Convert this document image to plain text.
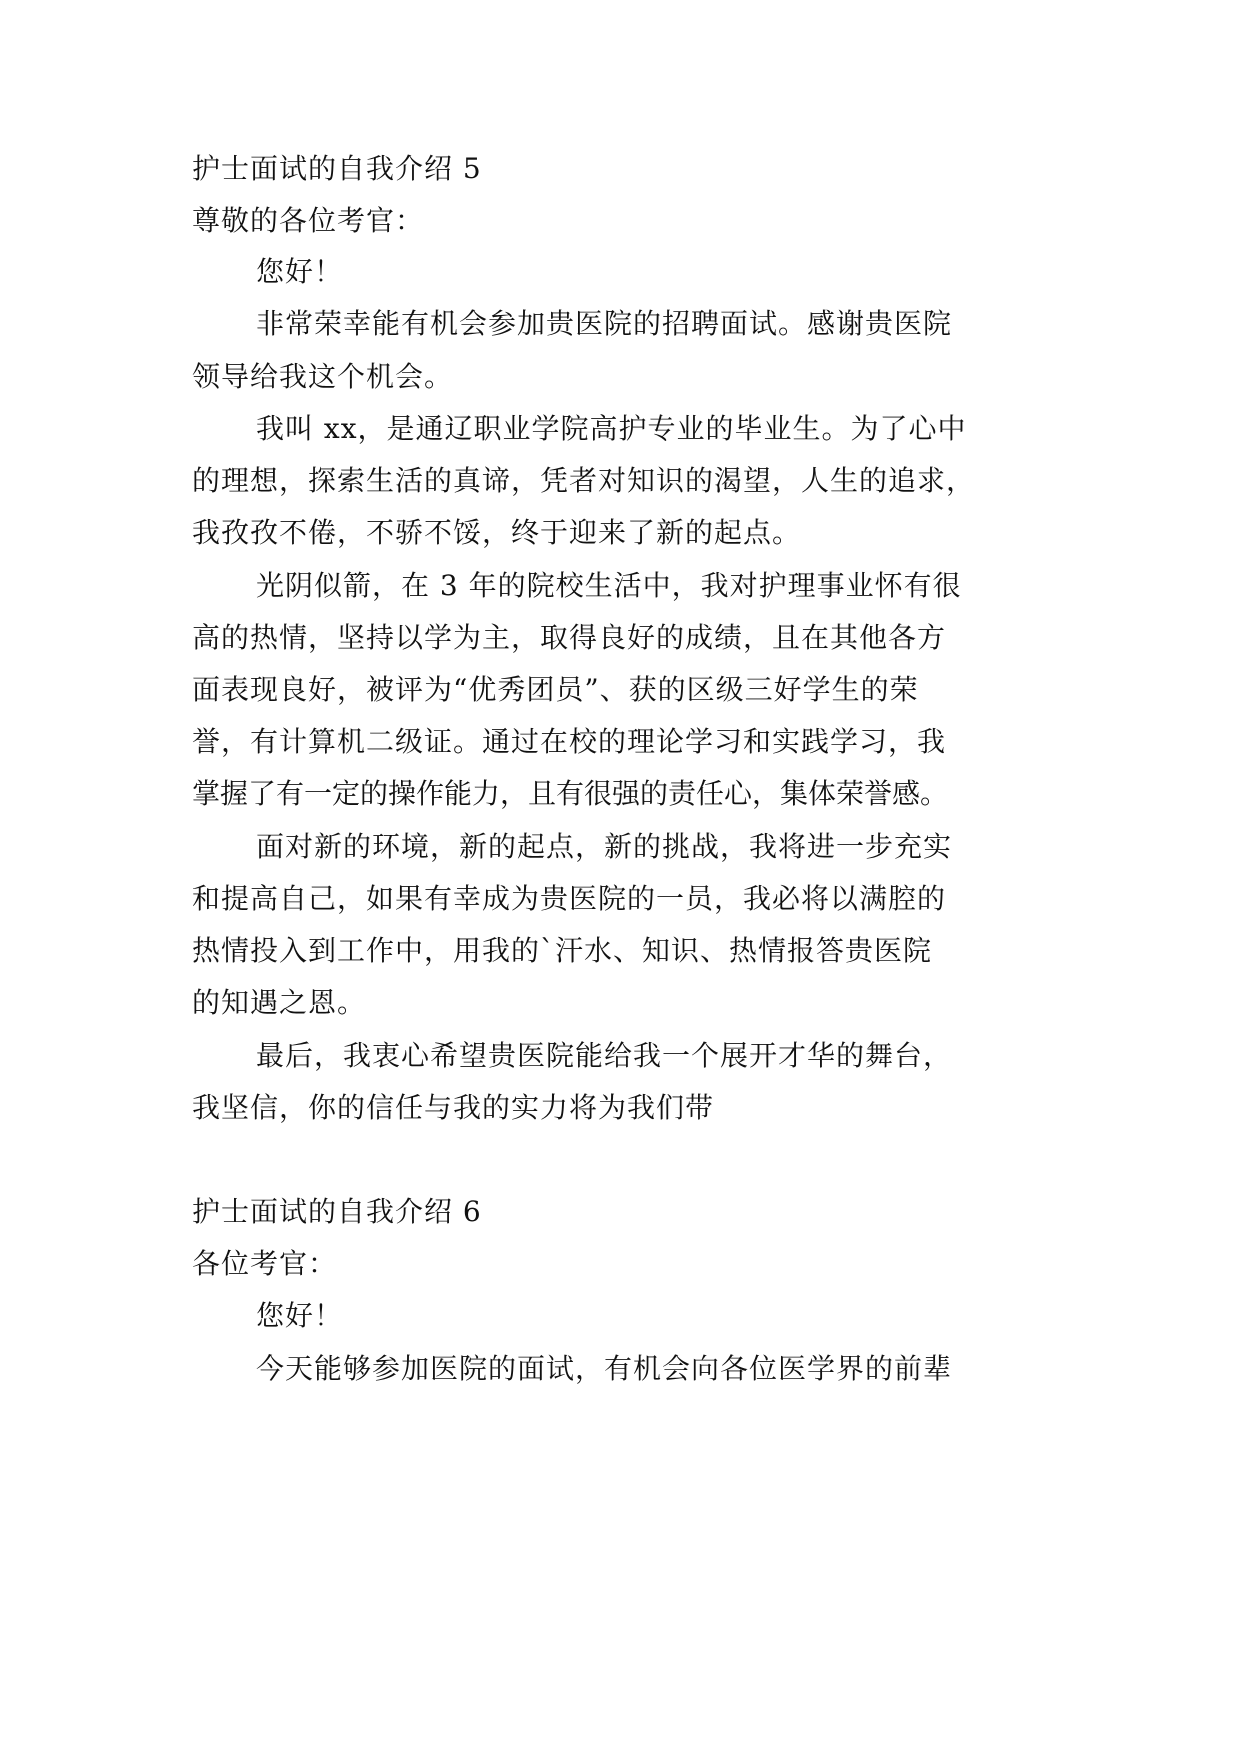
护士面试的自我介绍 5
尊敬的各位考官：
您好！
非常荣幸能有机会参加贵医院的招聘面试。感谢贵医院
领导给我这个机会。
我叫 xx，是通辽职业学院高护专业的毕业生。为了心中
的理想，探索生活的真谛，凭者对知识的渴望，人生的追求，
我孜孜不倦，不骄不馁，终于迎来了新的起点。
光阴似箭，在 3 年的院校生活中，我对护理事业怀有很
高的热情，坚持以学为主，取得良好的成绩，且在其他各方
面表现良好，被评为“优秀团员”、获的区级三好学生的荣
誉，有计算机二级证。通过在校的理论学习和实践学习，我
掌握了有一定的操作能力，且有很强的责任心，集体荣誉感。
面对新的环境，新的起点，新的挑战，我将进一步充实
和提高自己，如果有幸成为贵医院的一员，我必将以满腔的
热情投入到工作中，用我的`汗水、知识、热情报答贵医院
的知遇之恩。
最后，我衷心希望贵医院能给我一个展开才华的舞台，
我坚信，你的信任与我的实力将为我们带
护士面试的自我介绍 6
各位考官：
您好！
今天能够参加医院的面试，有机会向各位医学界的前辈
